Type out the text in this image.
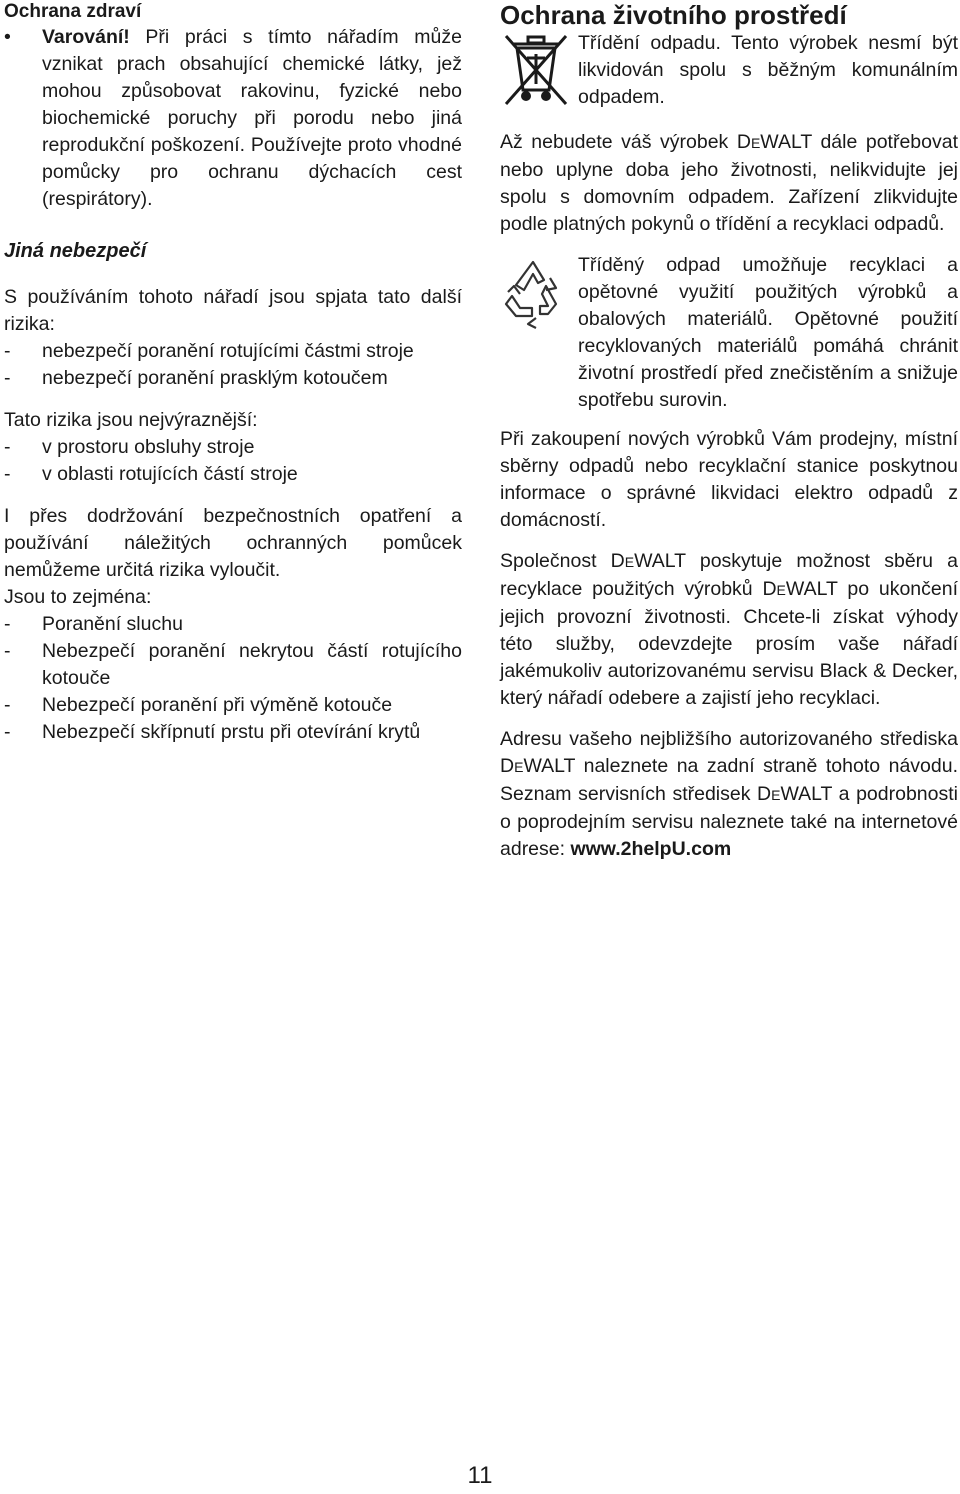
Ochrana zdraví
•	Varování! Při práci s tímto nářadím může vznikat prach obsahující chemické látky, jež mohou způsobovat rakovinu, fyzické nebo biochemické poruchy při porodu nebo jiná reprodukční poškození. Používejte proto vhodné pomůcky pro ochranu dýchacích cest (respirátory).

Jiná nebezpečí

S používáním tohoto nářadí jsou spjata tato další rizika:

-	nebezpečí poranění rotujícími částmi stroje

-	nebezpečí poranění prasklým kotoučem

Tato rizika jsou nejvýraznější:

-	v prostoru obsluhy stroje

-	v oblasti rotujících částí stroje

I přes dodržování bezpečnostních opatření a používání náležitých ochranných pomůcek nemůžeme určitá rizika vyloučit.

Jsou to zejména:

-	Poranění sluchu

-	Nebezpečí poranění nekrytou částí rotujícího kotouče

-	Nebezpečí poranění při výměně kotouče

-	Nebezpečí skřípnutí prstu při otevírání krytů

Ochrana životního prostředí

Třídění odpadu. Tento výrobek nesmí být likvidován spolu s běžným komunálním odpadem.

Až nebudete váš výrobek DEWALT dále potřebovat nebo uplyne doba jeho životnosti, nelikvidujte jej spolu s domovním odpadem. Zařízení zlikvidujte podle platných pokynů o třídění a recyklaci odpadů.

Tříděný odpad umožňuje recyklaci a opětovné využití použitých výrobků a obalových materiálů. Opětovné použití recyklovaných materiálů pomáhá chránit životní prostředí před znečistěním a snižuje spotřebu surovin.

Při zakoupení nových výrobků Vám prodejny, místní sběrny odpadů nebo recyklační stanice poskytnou informace o správné likvidaci elektro odpadů z domácností.

Společnost DEWALT poskytuje možnost sběru a recyklace použitých výrobků DEWALT po ukončení jejich provozní životnosti. Chcete-li získat výhody této služby, odevzdejte prosím vaše nářadí jakémukoliv autorizovanému servisu Black & Decker, který nářadí odebere a zajistí jeho recyklaci.

Adresu vašeho nejbližšího autorizovaného střediska DEWALT naleznete na zadní straně tohoto návodu. Seznam servisních středisek DEWALT a podrobnosti o poprodejním servisu naleznete také na internetové adrese: www.2helpU.com

11
